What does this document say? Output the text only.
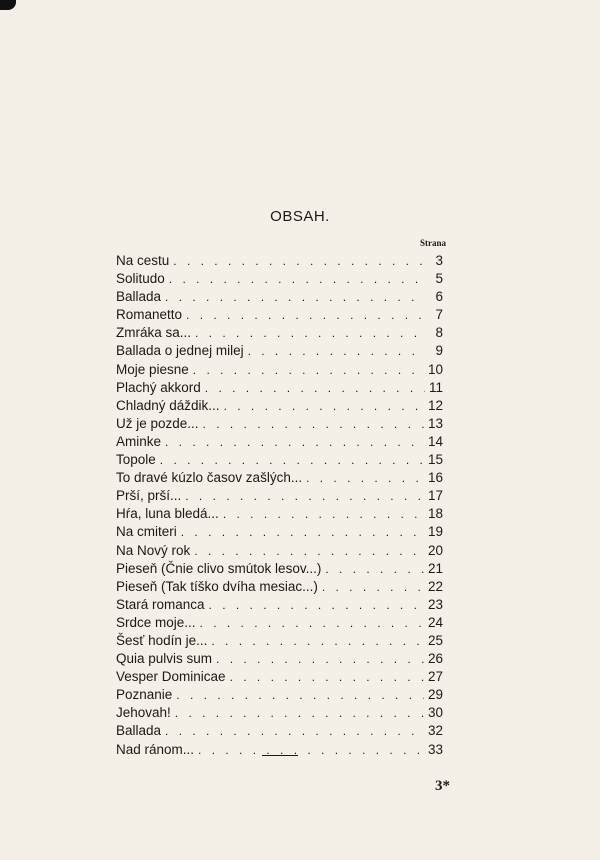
OBSAH.
Strana
Na cestu . . .	3
Solitudo . . .	5
Ballada . . .	6
Romanetto . . .	7
Zmráka sa... . . .	8
Ballada o jednej milej . . .	9
Moje piesne . . .	10
Plachý akkord . . .	11
Chladný dáždik... . . .	12
Už je pozde... . . .	13
Aminke . . .	14
Topole . . .	15
To dravé kúzlo časov zašlých... . . .	16
Prší, prší... . . .	17
Hŕa, luna bledá... . . .	18
Na cmiteri . . .	19
Na Nový rok . . .	20
Pieseň (Čnie clivo smútok lesov...) . . .	21
Pieseň (Tak tíško dvíha mesiac...) . . .	22
Stará romanca . . .	23
Srdce moje... . . .	24
Šesť hodín je... . . .	25
Quia pulvis sum . . .	26
Vesper Dominicae . . .	27
Poznanie . . .	29
Jehovah! . . .	30
Ballada . . .	32
Nad ránom... . . .	33
3*
